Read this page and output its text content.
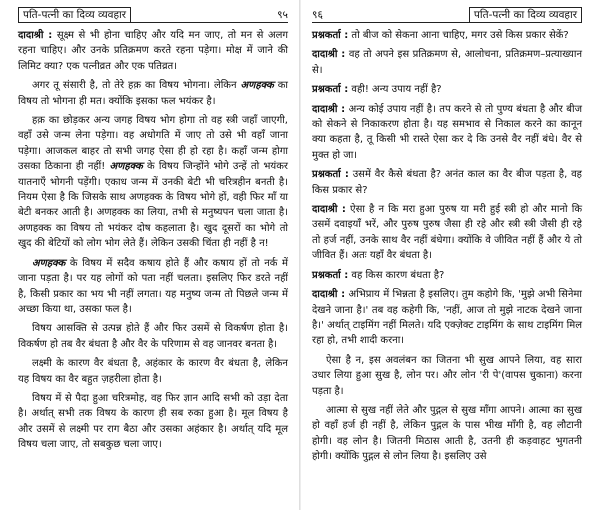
पति-पत्नी का दिव्य व्यवहार	९५

दादाश्री : सूक्ष्म से भी होना चाहिए और यदि मन जाए, तो मन से अलग रहना चाहिए। और उनके प्रतिक्रमण करते रहना पड़ेगा। मोक्ष में जाने की लिमिट क्या? एक पत्नीव्रत और एक पतिव्रत।

अगर तू संसारी है, तो तेरे हक़ का विषय भोगना। लेकिन अणहक्क का विषय तो भोगना ही मत। क्योंकि इसका फल भयंकर है।

हक़ का छोड़कर अन्य जगह विषय भोग होगा तो वह स्त्री जहाँ जाएगी, वहाँ उसे जन्म लेना पड़ेगा। वह अधोगति में जाए तो उसे भी वहाँ जाना पड़ेगा। आजकल बाहर तो सभी जगह ऐसा ही हो रहा है। कहाँ जन्म होगा उसका ठिकाना ही नहीं! अणहक्क के विषय जिन्होंने भोगे उन्हें तो भयंकर यातनाएँ भोगनी पड़ेंगी। एकाध जन्म में उनकी बेटी भी चरित्रहीन बनती है। नियम ऐसा है कि जिसके साथ अणहक्क के विषय भोगे हों, वही फिर माँ या बेटी बनकर आती है। अणहक्क का लिया, तभी से मनुष्यपन चला जाता है। अणहक्क का विषय तो भयंकर दोष कहलाता है। खुद दूसरों का भोगे तो खुद की बेटियों को लोग भोग लेते हैं। लेकिन उसकी चिंता ही नहीं है न!

अणहक्क के विषय में सदैव कषाय होते हैं और कषाय हों तो नर्क में जाना पड़ता है। पर यह लोगों को पता नहीं चलता। इसलिए फिर डरते नहीं है, किसी प्रकार का भय भी नहीं लगता। यह मनुष्य जन्म तो पिछले जन्म में अच्छा किया था, उसका फल है।

विषय आसक्ति से उत्पन्न होते हैं और फिर उसमें से विकर्षण होता है। विकर्षण हो तब वैर बंधता है और वैर के परिणाम से वह जानवर बनता है।

लक्ष्मी के कारण वैर बंधता है, अहंकार के कारण वैर बंधता है, लेकिन यह विषय का वैर बहुत ज़हरीला होता है।

विषय में से पैदा हुआ चरित्रमोह, वह फिर ज्ञान आदि सभी को उड़ा देता है। अर्थात् सभी तक विषय के कारण ही सब रुका हुआ है। मूल विषय है और उसमें से लक्ष्मी पर राग बैठा और उसका अहंकार है। अर्थात् यदि मूल विषय चला जाए, तो सबकुछ चला जाए।

९६	पति-पत्नी का दिव्य व्यवहार

प्रश्नकर्ता : तो बीज को सेकना आना चाहिए, मगर उसे किस प्रकार सेकें?

दादाश्री : वह तो अपने इस प्रतिक्रमण से, आलोचना, प्रतिक्रमण–प्रत्याख्यान से।

प्रश्नकर्ता : वही! अन्य उपाय नहीं है?

दादाश्री : अन्य कोई उपाय नहीं है। तप करने से तो पुण्य बंधता है और बीज को सेकने से निकाकरण होता है। यह समभाव से निकाल करने का कानून क्या कहता है, तू किसी भी रास्ते ऐसा कर दे कि उनसे वैर नहीं बंधे। वैर से मुक्त हो जा।

प्रश्नकर्ता : उसमें वैर कैसे बंधता है? अनंत काल का वैर बीज पड़ता है, वह किस प्रकार से?

दादाश्री : ऐसा है न कि मरा हुआ पुरुष या मरी हुई स्त्री हो और मानो कि उसमें दवाइयाँ भरें, और पुरुष पुरुष जैसा ही रहे और स्त्री स्त्री जैसी ही रहे तो हर्ज नहीं, उनके साथ वैर नहीं बंधेगा। क्योंकि वे जीवित नहीं हैं और ये तो जीवित हैं। अतः यहाँ वैर बंधता है।

प्रश्नकर्ता : वह किस कारण बंधता है?

दादाश्री : अभिप्राय में भिन्नता है इसलिए। तुम कहोगे कि, 'मुझे अभी सिनेमा देखने जाना है।' तब वह कहेगी कि, 'नहीं, आज तो मुझे नाटक देखने जाना है।' अर्थात् टाइमिंग नहीं मिलते। यदि एक्ज़ेक्ट टाइमिंग के साथ टाइमिंग मिल रहा हो, तभी शादी करना।

ऐसा है न, इस अवलंबन का जितना भी सुख आपने लिया, वह सारा उधार लिया हुआ सुख है, लोन पर। और लोन 'री पे'(वापस चुकाना) करना पड़ता है।

आत्मा से सुख नहीं लेते और पुद्गल से सुख माँगा आपने। आत्मा का सुख हो वहाँ हर्ज ही नहीं है, लेकिन पुद्गल के पास भीख माँगी है, वह लौटानी होगी। वह लोन है। जितनी मिठास आती है, उतनी ही कड़वाहट भुगतनी होगी। क्योंकि पुद्गल से लोन लिया है। इसलिए उसे
